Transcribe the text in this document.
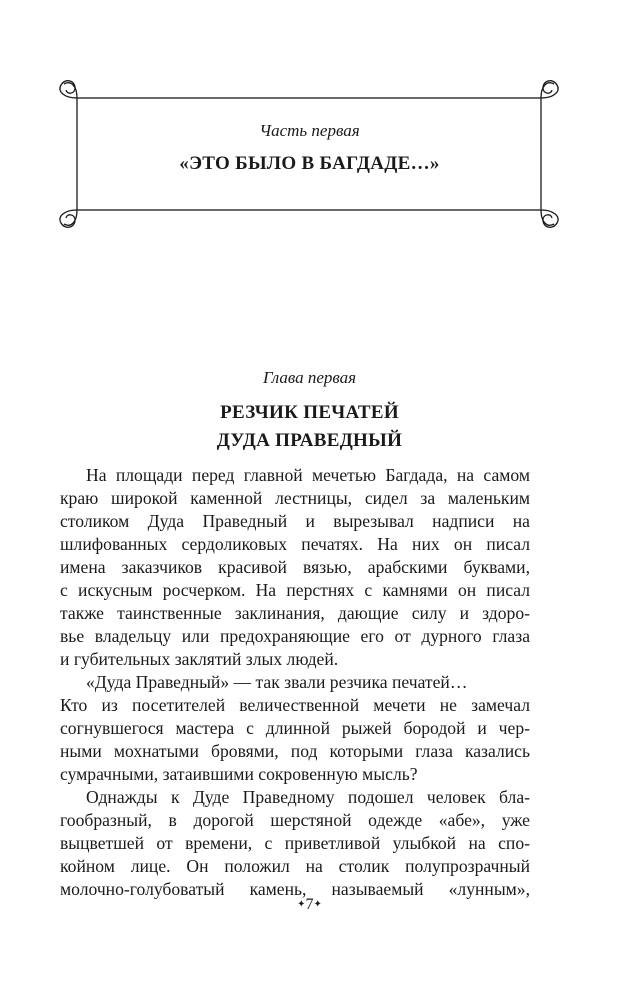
Часть первая
«ЭТО БЫЛО В БАГДАДЕ…»
Глава первая
РЕЗЧИК ПЕЧАТЕЙ
ДУДА ПРАВЕДНЫЙ
На площади перед главной мечетью Багдада, на самом
краю широкой каменной лестницы, сидел за маленьким
столиком Дуда Праведный и вырезывал надписи на
шлифованных сердоликовых печатях. На них он писал
имена заказчиков красивой вязью, арабскими буквами,
с искусным росчерком. На перстнях с камнями он писал
также таинственные заклинания, дающие силу и здоро-
вье владельцу или предохраняющие его от дурного глаза
и губительных заклятий злых людей.
«Дуда Праведный» — так звали резчика печатей…
Кто из посетителей величественной мечети не замечал
согнувшегося мастера с длинной рыжей бородой и чер-
ными мохнатыми бровями, под которыми глаза казались
сумрачными, затаившими сокровенную мысль?
Однажды к Дуде Праведному подошел человек бла-
гообразный, в дорогой шерстяной одежде «абе», уже
выцветшей от времени, с приветливой улыбкой на спо-
койном лице. Он положил на столик полупрозрачный
молочно-голубоватый камень, называемый «лунным»,
✦7✦
